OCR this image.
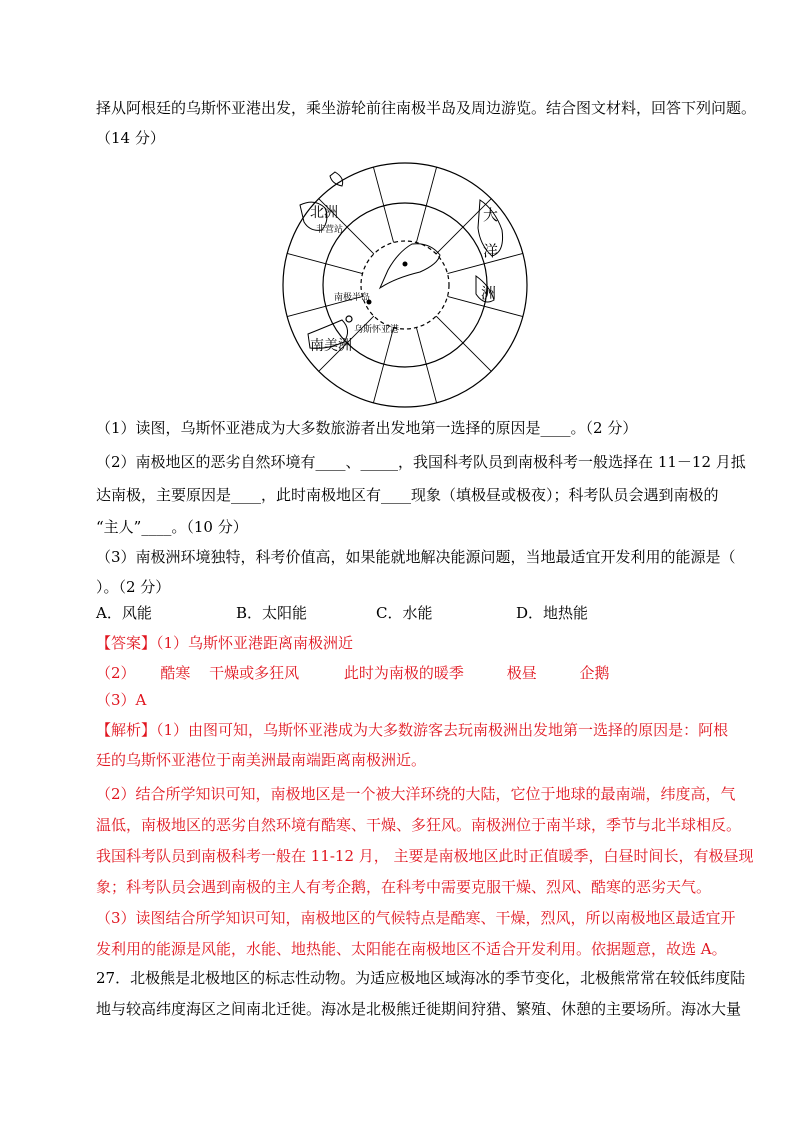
择从阿根廷的乌斯怀亚港出发，乘坐游轮前往南极半岛及周边游览。结合图文材料，回答下列问题。
（14 分）
北洲
非营站
南极半岛
乌斯怀亚港
南美洲
大
洋
洲
（1）读图，乌斯怀亚港成为大多数旅游者出发地第一选择的原因是____。（2 分）
（2）南极地区的恶劣自然环境有____、_____，我国科考队员到南极科考一般选择在 11－12 月抵
达南极，主要原因是____，此时南极地区有____现象（填极昼或极夜）；科考队员会遇到南极的
“主人”____。（10 分）
（3）南极洲环境独特，科考价值高，如果能就地解决能源问题，当地最适宜开发利用的能源是（
）。（2 分）
A．风能	B．太阳能	C．水能	D．地热能
【答案】（1）乌斯怀亚港距离南极洲近
（2） 酷寒 干燥或多狂风	此时为南极的暖季	极昼	企鹅
（3）A
【解析】（1）由图可知，乌斯怀亚港成为大多数游客去玩南极洲出发地第一选择的原因是：阿根
廷的乌斯怀亚港位于南美洲最南端距离南极洲近。
（2）结合所学知识可知，南极地区是一个被大洋环绕的大陆，它位于地球的最南端，纬度高，气
温低，南极地区的恶劣自然环境有酷寒、干燥、多狂风。南极洲位于南半球，季节与北半球相反。
我国科考队员到南极科考一般在 11-12 月， 主要是南极地区此时正值暖季，白昼时间长，有极昼现
象；科考队员会遇到南极的主人有考企鹅，在科考中需要克服干燥、烈风、酷寒的恶劣天气。
（3）读图结合所学知识可知，南极地区的气候特点是酷寒、干燥，烈风，所以南极地区最适宜开
发利用的能源是风能，水能、地热能、太阳能在南极地区不适合开发利用。依据题意，故选 A。
27．北极熊是北极地区的标志性动物。为适应极地区域海冰的季节变化，北极熊常常在较低纬度陆
地与较高纬度海区之间南北迁徙。海冰是北极熊迁徙期间狩猎、繁殖、休憩的主要场所。海冰大量
